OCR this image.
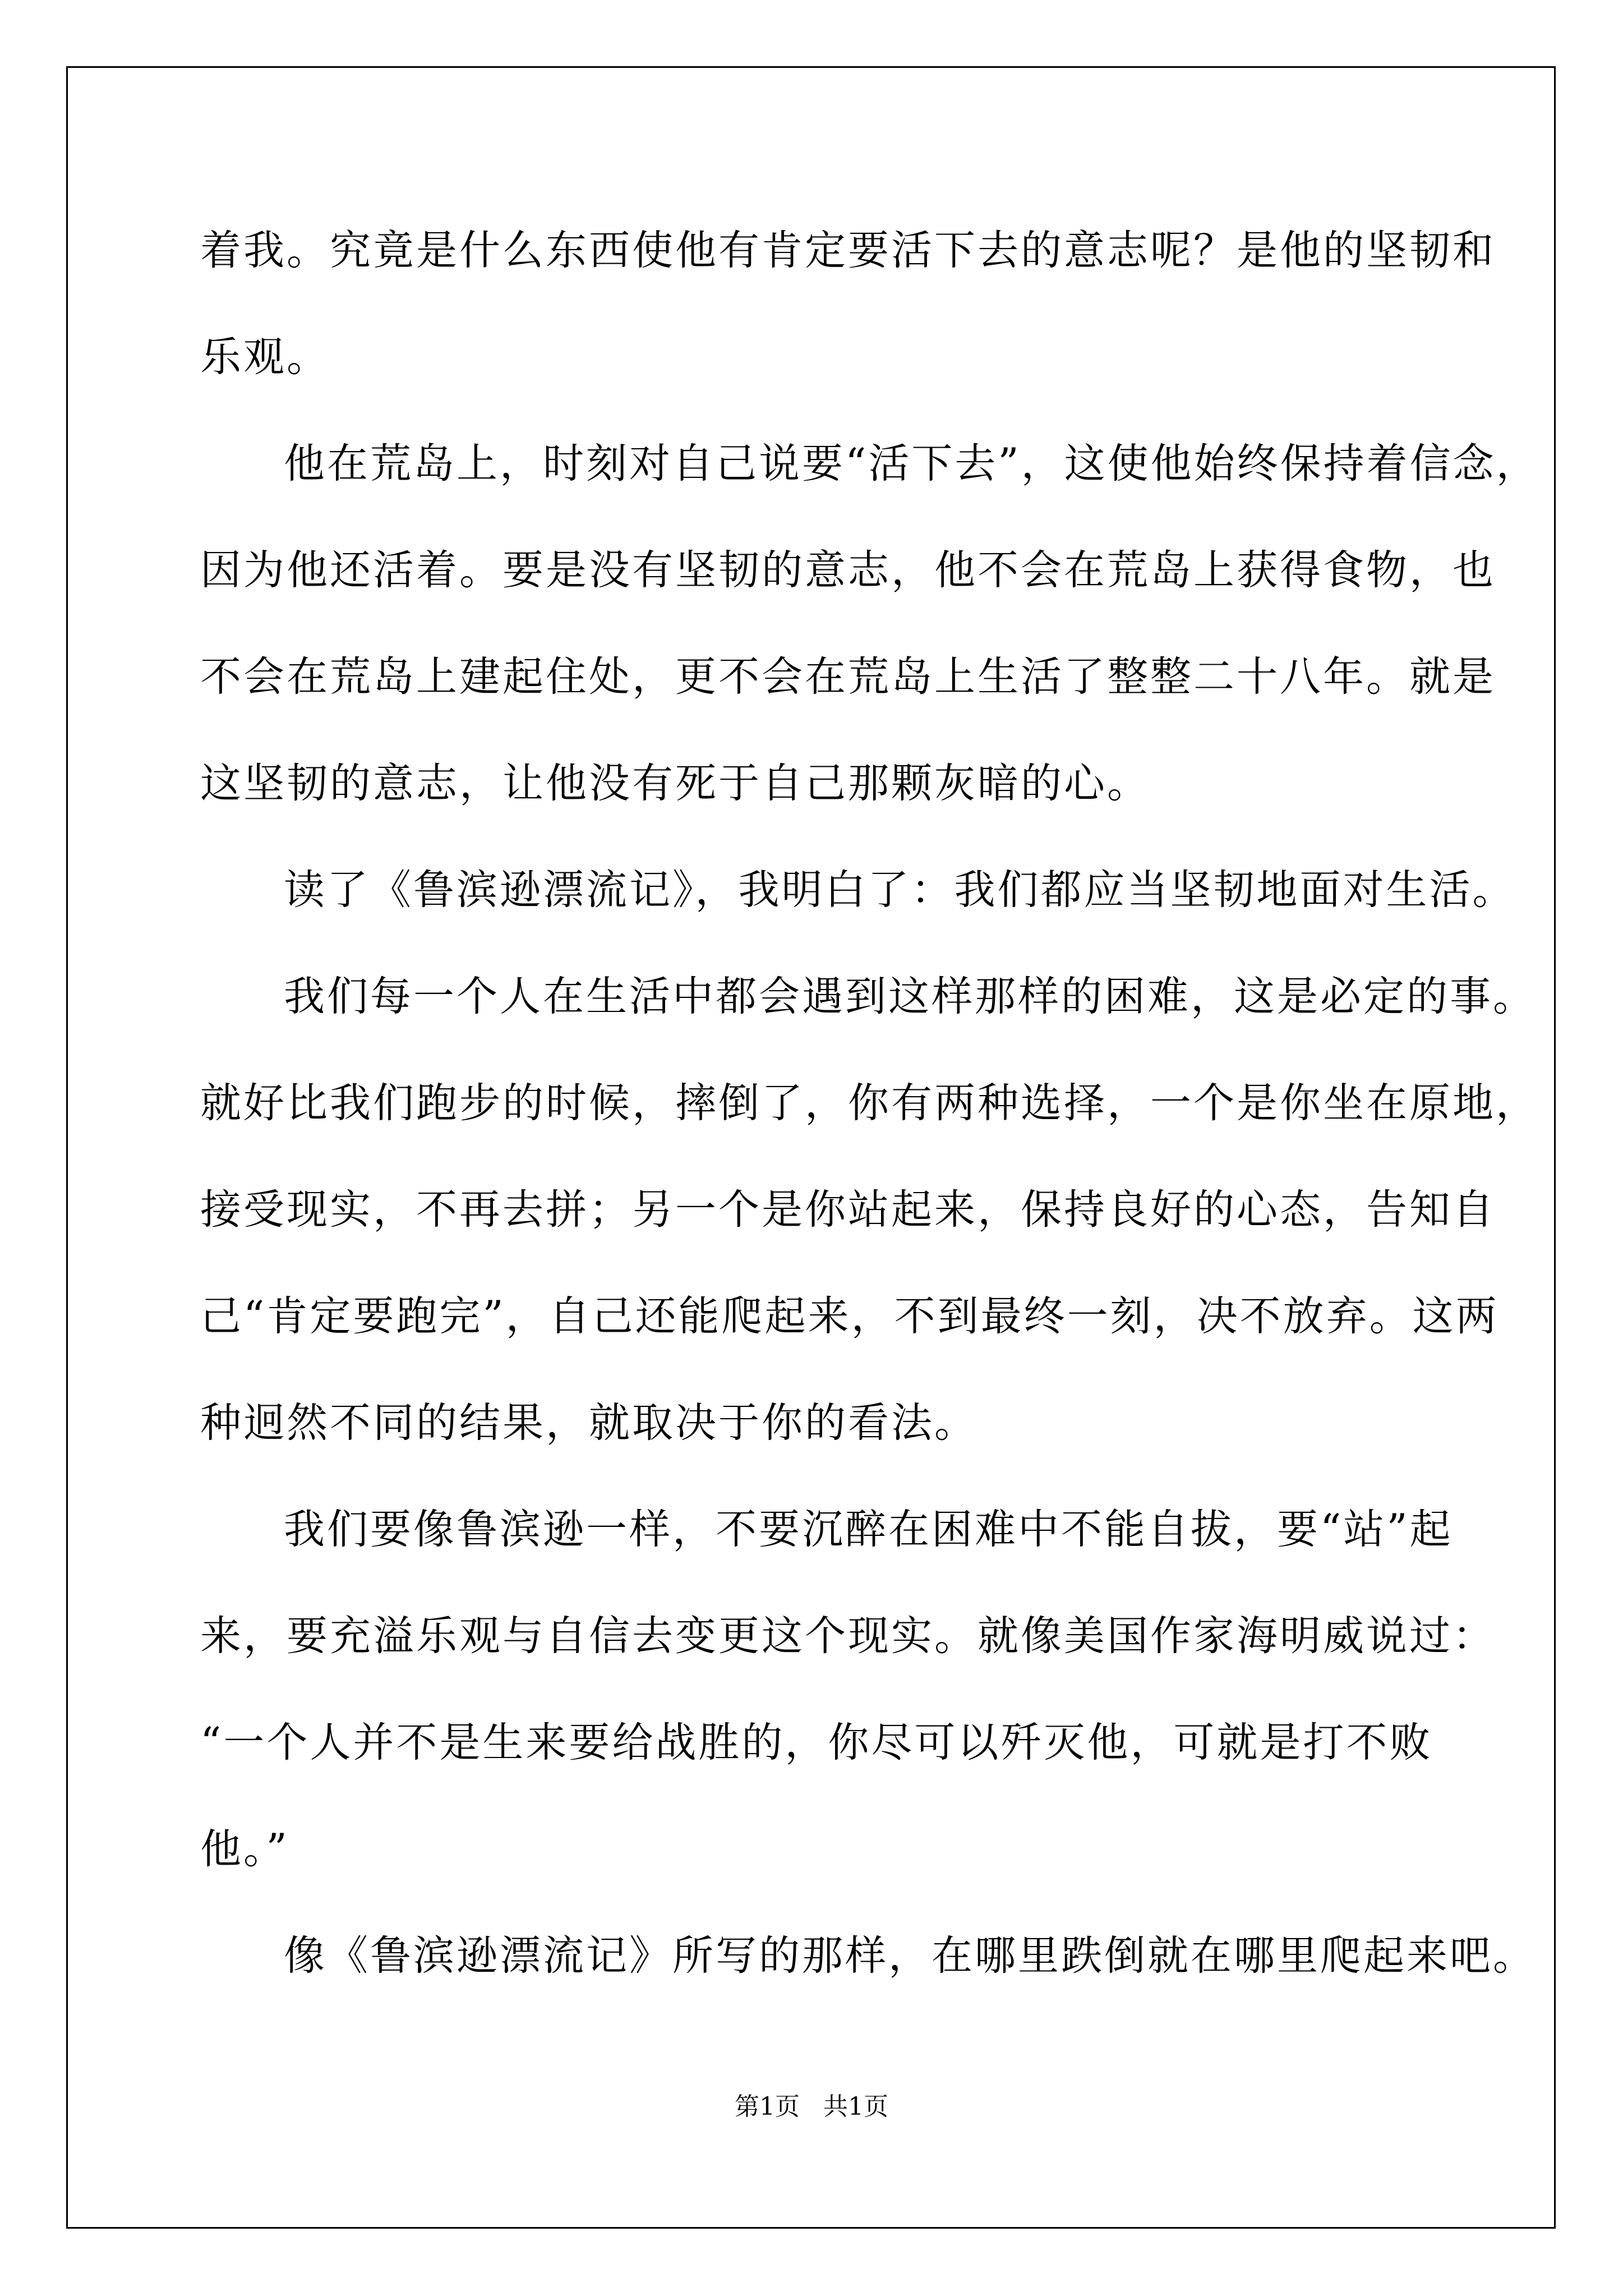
着我。究竟是什么东西使他有肯定要活下去的意志呢？是他的坚韧和
乐观。
他在荒岛上，时刻对自己说要“活下去”，这使他始终保持着信念，
因为他还活着。要是没有坚韧的意志，他不会在荒岛上获得食物，也
不会在荒岛上建起住处，更不会在荒岛上生活了整整二十八年。就是
这坚韧的意志，让他没有死于自己那颗灰暗的心。
读了《鲁滨逊漂流记》，我明白了：我们都应当坚韧地面对生活。
我们每一个人在生活中都会遇到这样那样的困难，这是必定的事。
就好比我们跑步的时候，摔倒了，你有两种选择，一个是你坐在原地，
接受现实，不再去拼；另一个是你站起来，保持良好的心态，告知自
己“肯定要跑完”，自己还能爬起来，不到最终一刻，决不放弃。这两
种迥然不同的结果，就取决于你的看法。
我们要像鲁滨逊一样，不要沉醉在困难中不能自拔，要“站”起
来，要充溢乐观与自信去变更这个现实。就像美国作家海明威说过：
“一个人并不是生来要给战胜的，你尽可以歼灭他，可就是打不败
他。”
像《鲁滨逊漂流记》所写的那样，在哪里跌倒就在哪里爬起来吧。
第1页   共1页
